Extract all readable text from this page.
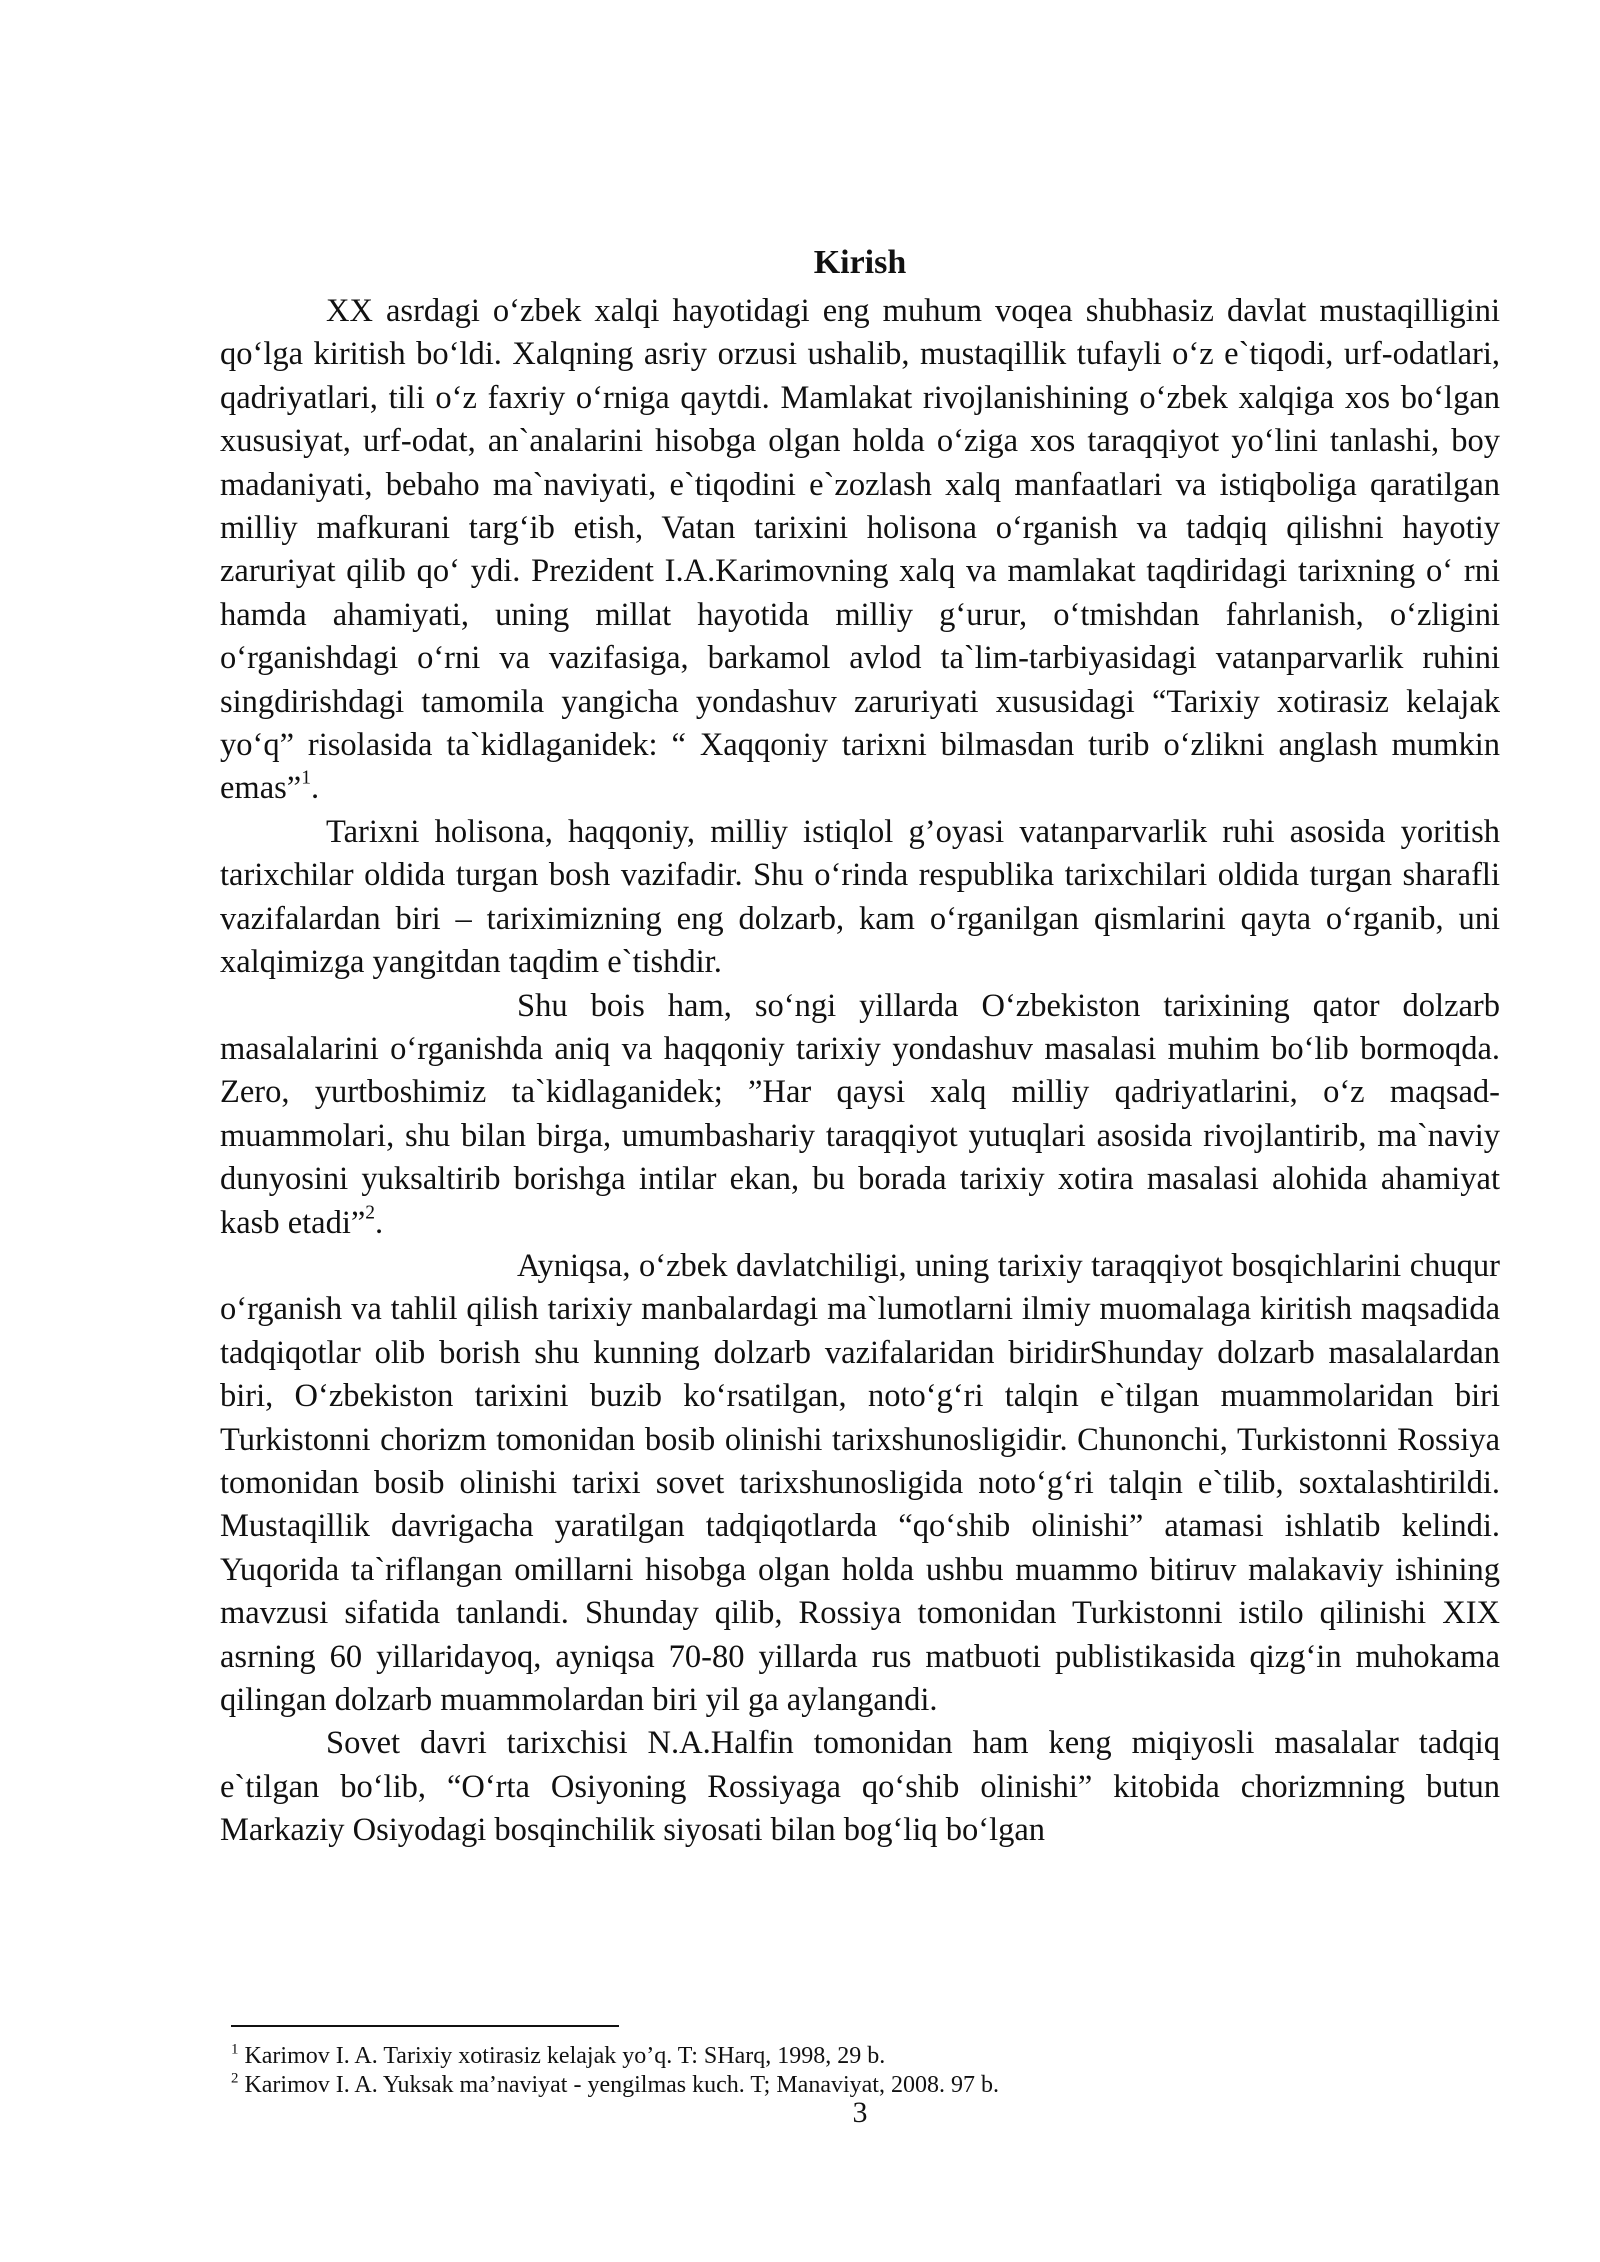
Kirish

XX asrdagi o‘zbek xalqi hayotidagi eng muhum voqea shubhasiz davlat mustaqilligini qo‘lga kiritish bo‘ldi. Xalqning asriy orzusi ushalib, mustaqillik tufayli o‘z e`tiqodi, urf-odatlari, qadriyatlari, tili o‘z faxriy o‘rniga qaytdi. Mamlakat rivojlanishining o‘zbek xalqiga xos bo‘lgan xususiyat, urf-odat, an`analarini hisobga olgan holda o‘ziga xos taraqqiyot yo‘lini tanlashi, boy madaniyati, bebaho ma`naviyati, e`tiqodini e`zozlash xalq manfaatlari va istiqboliga qaratilgan milliy mafkurani targ‘ib etish, Vatan tarixini holisona o‘rganish va tadqiq qilishni hayotiy zaruriyat qilib qo‘ ydi. Prezident I.A.Karimovning xalq va mamlakat taqdiridagi tarixning o‘ rni hamda ahamiyati, uning millat hayotida milliy g‘urur, o‘tmishdan fahrlanish, o‘zligini o‘rganishdagi o‘rni va vazifasiga, barkamol avlod ta`lim-tarbiyasidagi vatanparvarlik ruhini singdirishdagi tamomila yangicha yondashuv zaruriyati xususidagi “Tarixiy xotirasiz kelajak yo‘q” risolasida ta`kidlaganidek: “ Xaqqoniy tarixni bilmasdan turib o‘zlikni anglash mumkin emas”$^1$.

Tarixni holisona, haqqoniy, milliy istiqlol g’oyasi vatanparvarlik ruhi asosida yoritish tarixchilar oldida turgan bosh vazifadir. Shu o‘rinda respublika tarixchilari oldida turgan sharafli vazifalardan biri – tariximizning eng dolzarb, kam o‘rganilgan qismlarini qayta o‘rganib, uni xalqimizga yangitdan taqdim e`tishdir.

Shu bois ham, so‘ngi yillarda O‘zbekiston tarixining qator dolzarb masalalarini o‘rganishda aniq va haqqoniy tarixiy yondashuv masalasi muhim bo‘lib bormoqda. Zero, yurtboshimiz ta`kidlaganidek; ”Har qaysi xalq milliy qadriyatlarini, o‘z maqsad-muammolari, shu bilan birga, umumbashariy taraqqiyot yutuqlari asosida rivojlantirib, ma`naviy dunyosini yuksaltirib borishga intilar ekan, bu borada tarixiy xotira masalasi alohida ahamiyat kasb etadi”$^2$.

Ayniqsa, o‘zbek davlatchiligi, uning tarixiy taraqqiyot bosqichlarini chuqur o‘rganish va tahlil qilish tarixiy manbalardagi ma`lumotlarni ilmiy muomalaga kiritish maqsadida tadqiqotlar olib borish shu kunning dolzarb vazifalaridan biridirShunday dolzarb masalalardan biri, O‘zbekiston tarixini buzib ko‘rsatilgan, noto‘g‘ri talqin e`tilgan muammolaridan biri Turkistonni chorizm tomonidan bosib olinishi tarixshunosligidir. Chunonchi, Turkistonni Rossiya tomonidan bosib olinishi tarixi sovet tarixshunosligida noto‘g‘ri talqin e`tilib, soxtalashtirildi. Mustaqillik davrigacha yaratilgan tadqiqotlarda “qo‘shib olinishi” atamasi ishlatib kelindi. Yuqorida ta`riflangan omillarni hisobga olgan holda ushbu muammo bitiruv malakaviy ishining mavzusi sifatida tanlandi. Shunday qilib, Rossiya tomonidan Turkistonni istilo qilinishi XIX asrning 60 yillaridayoq, ayniqsa 70-80 yillarda rus matbuoti publistikasida qizg‘in muhokama qilingan dolzarb muammolardan biri yil ga aylangandi.

Sovet davri tarixchisi N.A.Halfin tomonidan ham keng miqiyosli masalalar tadqiq e`tilgan bo‘lib, “O‘rta Osiyoning Rossiyaga qo‘shib olinishi” kitobida chorizmning butun Markaziy Osiyodagi bosqinchilik siyosati bilan bog‘liq bo‘lgan

$^1$ Karimov I. A. Tarixiy xotirasiz kelajak yo’q. T: SHarq, 1998, 29 b.

$^2$ Karimov I. A. Yuksak ma’naviyat - yengilmas kuch. T; Manaviyat, 2008. 97 b.

3
